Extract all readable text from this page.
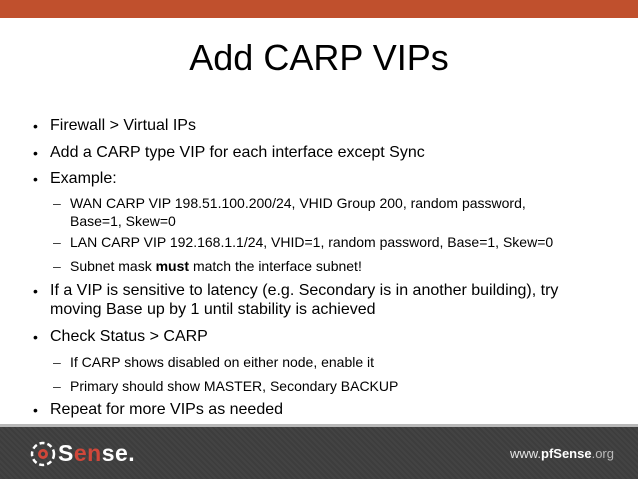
Add CARP VIPs
• Firewall > Virtual IPs
• Add a CARP type VIP for each interface except Sync
• Example:
– WAN CARP VIP 198.51.100.200/24, VHID Group 200, random password,
Base=1, Skew=0
– LAN CARP VIP 192.168.1.1/24, VHID=1, random password, Base=1, Skew=0
– Subnet mask must match the interface subnet!
• If a VIP is sensitive to latency (e.g. Secondary is in another building), try
moving Base up by 1 until stability is achieved
• Check Status > CARP
– If CARP shows disabled on either node, enable it
– Primary should show MASTER, Secondary BACKUP
• Repeat for more VIPs as needed
Sense.	www.pfSense.org
